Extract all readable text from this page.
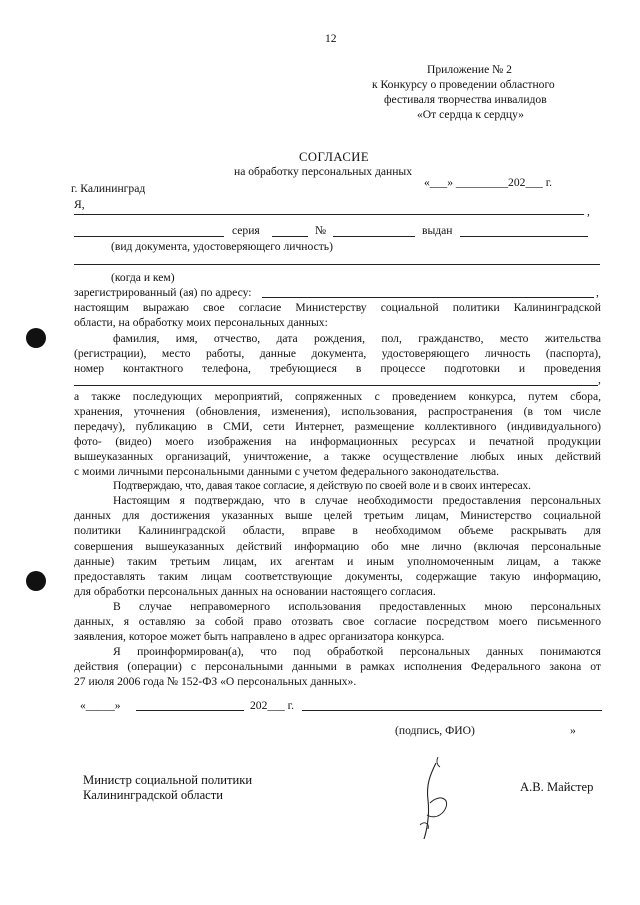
12
Приложение № 2
к Конкурсу о проведении областного
фестиваля творчества инвалидов
«От сердца к сердцу»
СОГЛАСИЕ
на обработку персональных данных
г. Калининград	«___» _________202___ г.
Я,
,
серия	№	выдан
(вид документа, удостоверяющего личность)
(когда и кем)
зарегистрированный (ая) по адресу:	,
настоящим выражаю свое согласие Министерству социальной политики Калининградской
области, на обработку моих персональных данных:
фамилия, имя, отчество, дата рождения, пол, гражданство, место жительства
(регистрации), место работы, данные документа, удостоверяющего личность (паспорта),
номер контактного телефона, требующиеся в процессе подготовки и проведения
,
а также последующих мероприятий, сопряженных с проведением конкурса, путем сбора,
хранения, уточнения (обновления, изменения), использования, распространения (в том числе
передачу), публикацию в СМИ, сети Интернет, размещение коллективного (индивидуального)
фото- (видео) моего изображения на информационных ресурсах и печатной продукции
вышеуказанных организаций, уничтожение, а также осуществление любых иных действий
с моими личными персональными данными с учетом федерального законодательства.
Подтверждаю, что, давая такое согласие, я действую по своей воле и в своих интересах.
Настоящим я подтверждаю, что в случае необходимости предоставления персональных
данных для достижения указанных выше целей третьим лицам, Министерство социальной
политики Калининградской области, вправе в необходимом объеме раскрывать для
совершения вышеуказанных действий информацию обо мне лично (включая персональные
данные) таким третьим лицам, их агентам и иным уполномоченным лицам, а также
предоставлять таким лицам соответствующие документы, содержащие такую информацию,
для обработки персональных данных на основании настоящего согласия.
В случае неправомерного использования предоставленных мною персональных
данных, я оставляю за собой право отозвать свое согласие посредством моего письменного
заявления, которое может быть направлено в адрес организатора конкурса.
Я проинформирован(а), что под обработкой персональных данных понимаются
действия (операции) с персональными данными в рамках исполнения Федерального закона от
27 июля 2006 года № 152-ФЗ «О персональных данных».
«_____»	202___ г.
(подпись, ФИО)	»
Министр социальной политики
Калининградской области
А.В. Майстер
